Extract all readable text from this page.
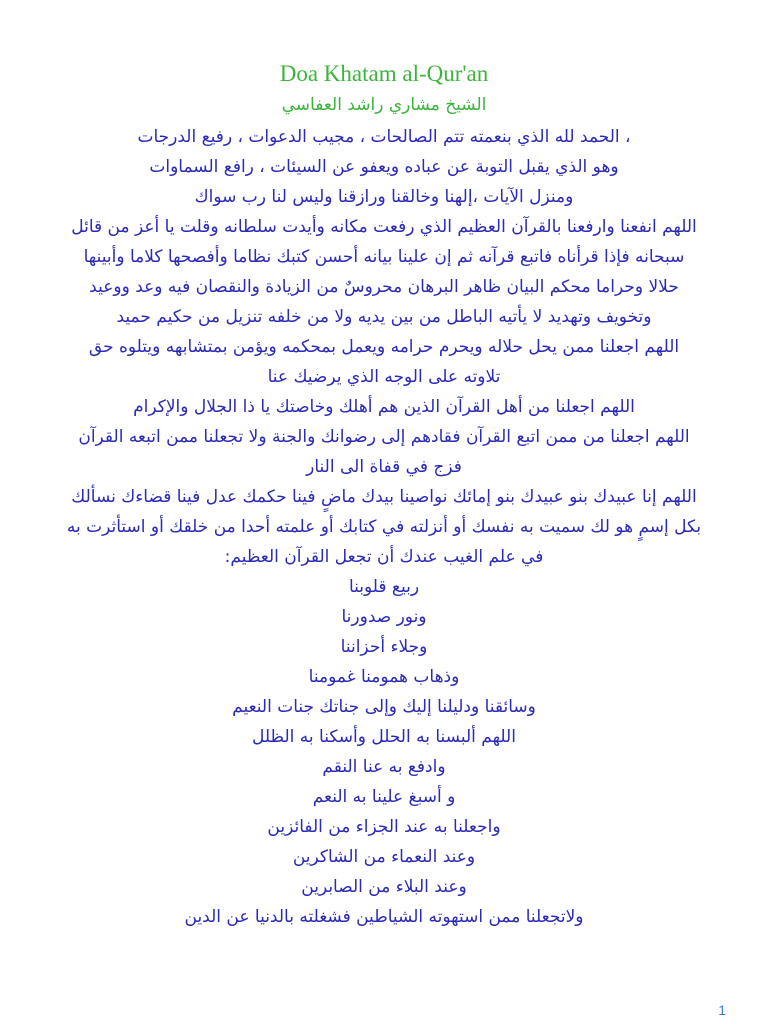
Doa Khatam al-Qur'an
الشيخ مشاري راشد العفاسي
، الحمد لله الذي بنعمته تتم الصالحات ، مجيب الدعوات ، رفيع الدرجات
وهو الذي يقبل التوبة عن عباده ويعفو عن السيئات ، رافع السماوات
ومنزل الآيات ،إلهنا وخالقنا ورازقنا وليس لنا رب سواك
اللهم انفعنا وارفعنا بالقرآن العظيم الذي رفعت مكانه وأيدت سلطانه وقلت يا أعز من قائل
سبحانه فإذا قرأناه فاتبع قرآنه ثم إن علينا بيانه أحسن كتبك نظاما وأفصحها كلاما وأبينها
حلالا وحراما محكم البيان ظاهر البرهان محروسٌ من الزيادة والنقصان فيه وعد ووعيد
وتخويف وتهديد لا يأتيه الباطل من بين يديه ولا من خلفه تنزيل من حكيم حميد
اللهم اجعلنا ممن يحل حلاله ويحرم حرامه ويعمل بمحكمه ويؤمن بمتشابهه ويتلوه حق
تلاوته على الوجه الذي يرضيك عنا
اللهم اجعلنا من أهل القرآن الذين هم أهلك وخاصتك يا ذا الجلال والإكرام
اللهم اجعلنا من ممن اتبع القرآن فقادهم إلى رضوانك والجنة ولا تجعلنا ممن اتبعه القرآن
فزج في قفاة الى النار
اللهم إنا عبيدك بنو عبيدك بنو إمائك نواصينا بيدك ماضٍ فينا حكمك عدل فينا قضاءك نسألك
بكل إسمٍ هو لك سميت به نفسك أو أنزلته في كتابك أو علمته أحدا من خلقك أو استأثرت به
في علم الغيب عندك أن تجعل القرآن العظيم:
ربيع قلوبنا
ونور صدورنا
وجلاء أحزاننا
وذهاب همومنا غمومنا
وسائقنا ودليلنا إليك وإلى جناتك جنات النعيم
اللهم ألبسنا به الحلل وأسكنا به الظلل
وادفع به عنا النقم
و أسبغ علينا به النعم
واجعلنا به عند الجزاء من الفائزين
وعند النعماء من الشاكرين
وعند البلاء من الصابرين
ولاتجعلنا ممن استهوته الشياطين فشغلته بالدنيا عن الدين
1
